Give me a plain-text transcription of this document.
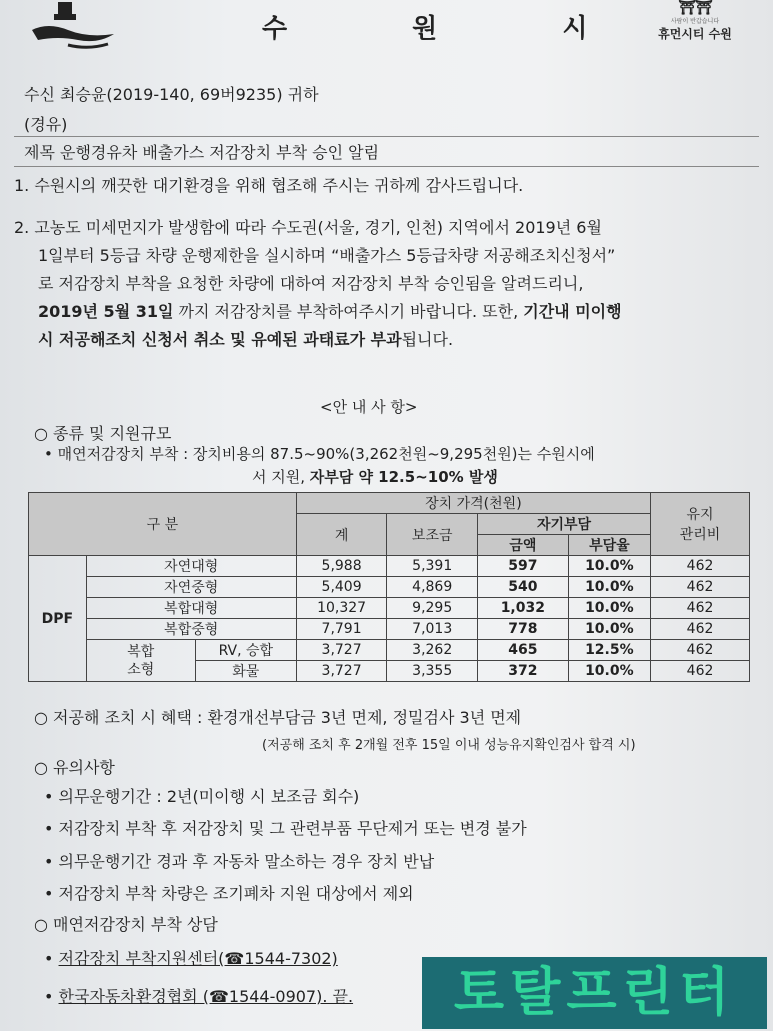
수 원 시
⛩⛩
사람이 반갑습니다
휴먼시티 수원
수신 최승윤(2019-140, 69버9235) 귀하
(경유)
제목 운행경유차 배출가스 저감장치 부착 승인 알림
1. 수원시의 깨끗한 대기환경을 위해 협조해 주시는 귀하께 감사드립니다.
2. 고농도 미세먼지가 발생함에 따라 수도권(서울, 경기, 인천) 지역에서 2019년 6월
1일부터 5등급 차량 운행제한을 실시하며 “배출가스 5등급차량 저공해조치신청서”
로 저감장치 부착을 요청한 차량에 대하여 저감장치 부착 승인됨을 알려드리니,
2019년 5월 31일 까지 저감장치를 부착하여주시기 바랍니다. 또한, 기간내 미이행
시 저공해조치 신청서 취소 및 유예된 과태료가 부과됩니다.
<안 내 사 항>
○ 종류 및 지원규모
• 매연저감장치 부착 : 장치비용의 87.5~90%(3,262천원~9,295천원)는 수원시에
서 지원, 자부담 약 12.5~10% 발생
구 분			장치 가격(천원)				유지
관리비
			계	보조금	자기부담		
					금액	부담율	
DPF	자연대형		5,988	5,391	597	10.0%	462
	자연중형		5,409	4,869	540	10.0%	462
	복합대형		10,327	9,295	1,032	10.0%	462
	복합중형		7,791	7,013	778	10.0%	462
	복합
소형	RV, 승합	3,727	3,262	465	12.5%	462
		화물	3,727	3,355	372	10.0%	462
○ 저공해 조치 시 혜택 : 환경개선부담금 3년 면제, 정밀검사 3년 면제
(저공해 조치 후 2개월 전후 15일 이내 성능유지확인검사 합격 시)
○ 유의사항
• 의무운행기간 : 2년(미이행 시 보조금 회수)
• 저감장치 부착 후 저감장치 및 그 관련부품 무단제거 또는 변경 불가
• 의무운행기간 경과 후 자동차 말소하는 경우 장치 반납
• 저감장치 부착 차량은 조기폐차 지원 대상에서 제외
○ 매연저감장치 부착 상담
• 저감장치 부착지원센터(☎1544-7302)
• 한국자동차환경협회 (☎1544-0907). 끝.	토탈프린터
